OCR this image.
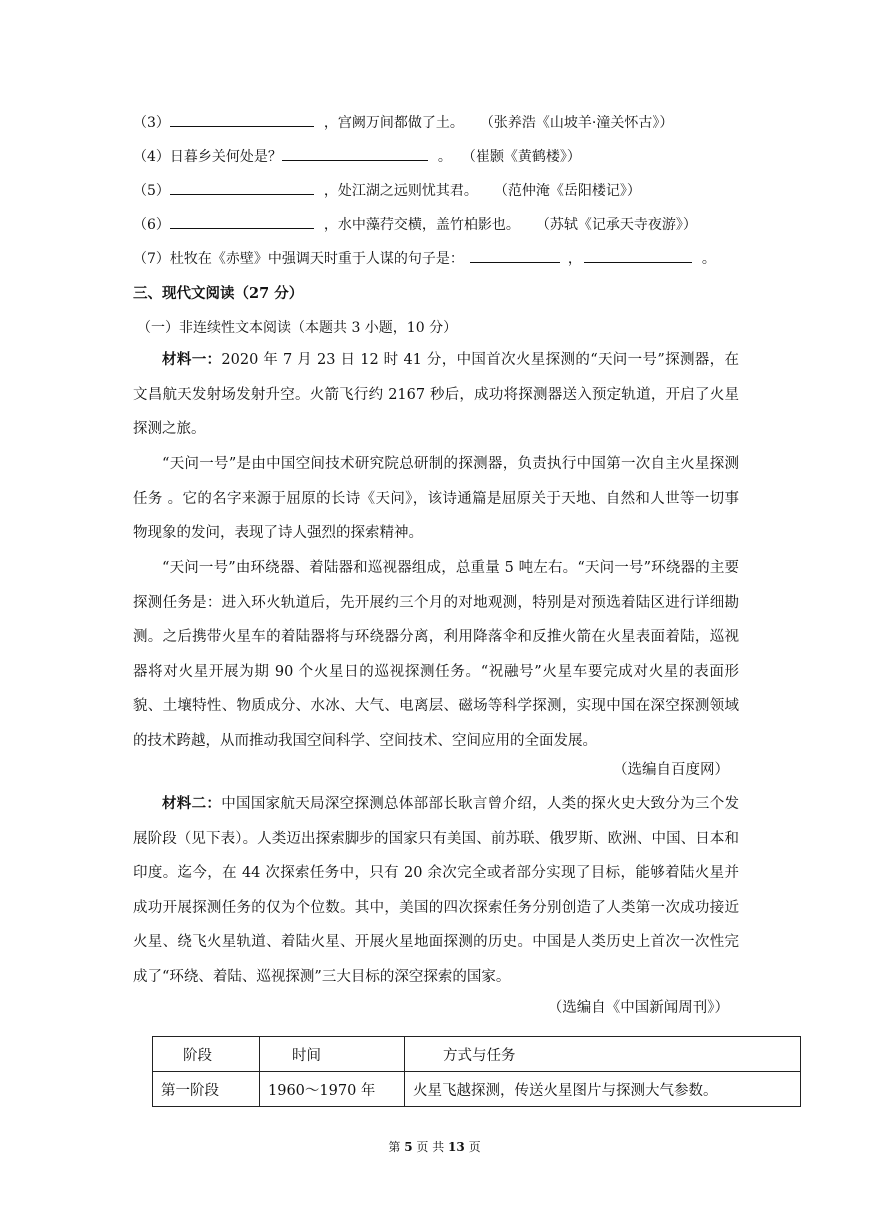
（3）	，宫阙万间都做了土。 （张养浩《山坡羊·潼关怀古》）
（4）日暮乡关何处是？	。 （崔颢《黄鹤楼》）
（5）	，处江湖之远则忧其君。 （范仲淹《岳阳楼记》）
（6）	，水中藻荇交横，盖竹柏影也。 （苏轼《记承天寺夜游》）
（7）杜牧在《赤壁》中强调天时重于人谋的句子是：	，	。
三、现代文阅读（27 分）
（一）非连续性文本阅读（本题共 3 小题，10 分）
材料一：2020 年 7 月 23 日 12 时 41 分，中国首次火星探测的“天问一号”探测器，在文昌航天发射场发射升空。火箭飞行约 2167 秒后，成功将探测器送入预定轨道，开启了火星探测之旅。
“天问一号”是由中国空间技术研究院总研制的探测器，负责执行中国第一次自主火星探测任务 。它的名字来源于屈原的长诗《天问》，该诗通篇是屈原关于天地、自然和人世等一切事物现象的发问，表现了诗人强烈的探索精神。
“天问一号”由环绕器、着陆器和巡视器组成，总重量 5 吨左右。“天问一号”环绕器的主要探测任务是：进入环火轨道后，先开展约三个月的对地观测，特别是对预选着陆区进行详细勘测。之后携带火星车的着陆器将与环绕器分离，利用降落伞和反推火箭在火星表面着陆，巡视器将对火星开展为期 90 个火星日的巡视探测任务。“祝融号”火星车要完成对火星的表面形貌、土壤特性、物质成分、水冰、大气、电离层、磁场等科学探测，实现中国在深空探测领域的技术跨越，从而推动我国空间科学、空间技术、空间应用的全面发展。
（选编自百度网）
材料二：中国国家航天局深空探测总体部部长耿言曾介绍，人类的探火史大致分为三个发展阶段（见下表）。人类迈出探索脚步的国家只有美国、前苏联、俄罗斯、欧洲、中国、日本和印度。迄今，在 44 次探索任务中，只有 20 余次完全或者部分实现了目标，能够着陆火星并成功开展探测任务的仅为个位数。其中，美国的四次探索任务分别创造了人类第一次成功接近火星、绕飞火星轨道、着陆火星、开展火星地面探测的历史。中国是人类历史上首次一次性完成了“环绕、着陆、巡视探测”三大目标的深空探索的国家。
（选编自《中国新闻周刊》）
阶段	时间	方式与任务
第一阶段	1960～1970 年	火星飞越探测，传送火星图片与探测大气参数。
第 5 页 共 13 页
